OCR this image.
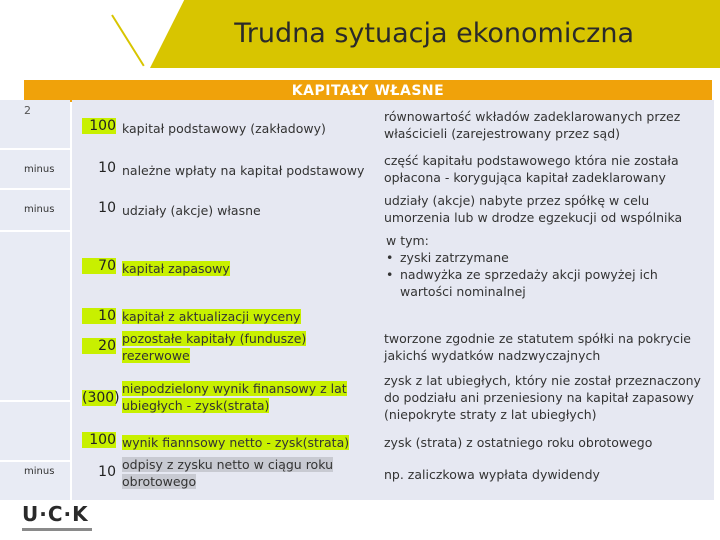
Trudna sytuacja ekonomiczna
KAPITAŁY WŁASNE
2
minus
minus
minus
100 kapitał podstawowy (zakładowy)
równowartość wkładów zadeklarowanych przez właścicieli (zarejestrowany przez sąd)
10 należne wpłaty na kapitał podstawowy
część kapitału podstawowego która nie została opłacona - korygująca kapitał zadeklarowany
10 udziały (akcje) własne
udziały (akcje) nabyte przez spółkę w celu umorzenia lub w drodze egzekucji od wspólnika
70 kapitał zapasowy
w tym:
• zyski zatrzymane
• nadwyżka ze sprzedaży akcji powyżej ich wartości nominalnej
10 kapitał z aktualizacji wyceny
20 pozostałe kapitały (fundusze) rezerwowe
tworzone zgodnie ze statutem spółki na pokrycie jakichś wydatków nadzwyczajnych
(300)
niepodzielony wynik finansowy z lat ubiegłych - zysk(strata)
zysk z lat ubiegłych, który nie został przeznaczony do podziału ani przeniesiony na kapitał zapasowy (niepokryte straty z lat ubiegłych)
100 wynik fiannsowy netto - zysk(strata)	zysk (strata) z ostatniego roku obrotowego
10 odpisy z zysku netto w ciągu roku obrotowego	np. zaliczkowa wypłata dywidendy
U·C·K
